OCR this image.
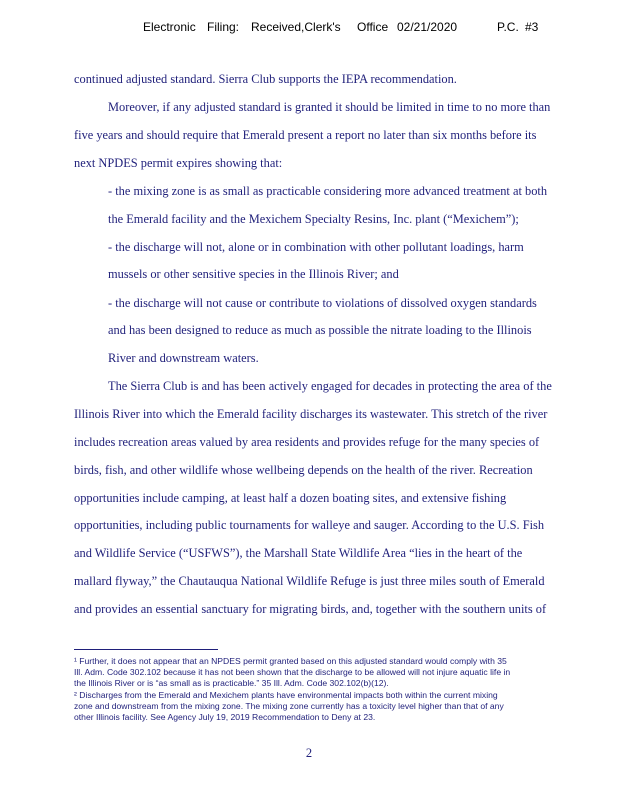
Electronic Filing: Received,Clerk's Office 02/21/2020	P.C. #3
continued adjusted standard. Sierra Club supports the IEPA recommendation.
Moreover, if any adjusted standard is granted it should be limited in time to no more than
five years and should require that Emerald present a report no later than six months before its
next NPDES permit expires showing that:
- the mixing zone is as small as practicable considering more advanced treatment at both
the Emerald facility and the Mexichem Specialty Resins, Inc. plant (“Mexichem”);
- the discharge will not, alone or in combination with other pollutant loadings, harm
mussels or other sensitive species in the Illinois River; and
- the discharge will not cause or contribute to violations of dissolved oxygen standards
and has been designed to reduce as much as possible the nitrate loading to the Illinois
River and downstream waters.
The Sierra Club is and has been actively engaged for decades in protecting the area of the
Illinois River into which the Emerald facility discharges its wastewater. This stretch of the river
includes recreation areas valued by area residents and provides refuge for the many species of
birds, fish, and other wildlife whose wellbeing depends on the health of the river. Recreation
opportunities include camping, at least half a dozen boating sites, and extensive fishing
opportunities, including public tournaments for walleye and sauger. According to the U.S. Fish
and Wildlife Service (“USFWS”), the Marshall State Wildlife Area “lies in the heart of the
mallard flyway,” the Chautauqua National Wildlife Refuge is just three miles south of Emerald
and provides an essential sanctuary for migrating birds, and, together with the southern units of
¹ Further, it does not appear that an NPDES permit granted based on this adjusted standard would comply with 35
Ill. Adm. Code 302.102 because it has not been shown that the discharge to be allowed will not injure aquatic life in
the Illinois River or is “as small as is practicable.” 35 Ill. Adm. Code 302.102(b)(12).
² Discharges from the Emerald and Mexichem plants have environmental impacts both within the current mixing
zone and downstream from the mixing zone. The mixing zone currently has a toxicity level higher than that of any
other Illinois facility. See Agency July 19, 2019 Recommendation to Deny at 23.
2
